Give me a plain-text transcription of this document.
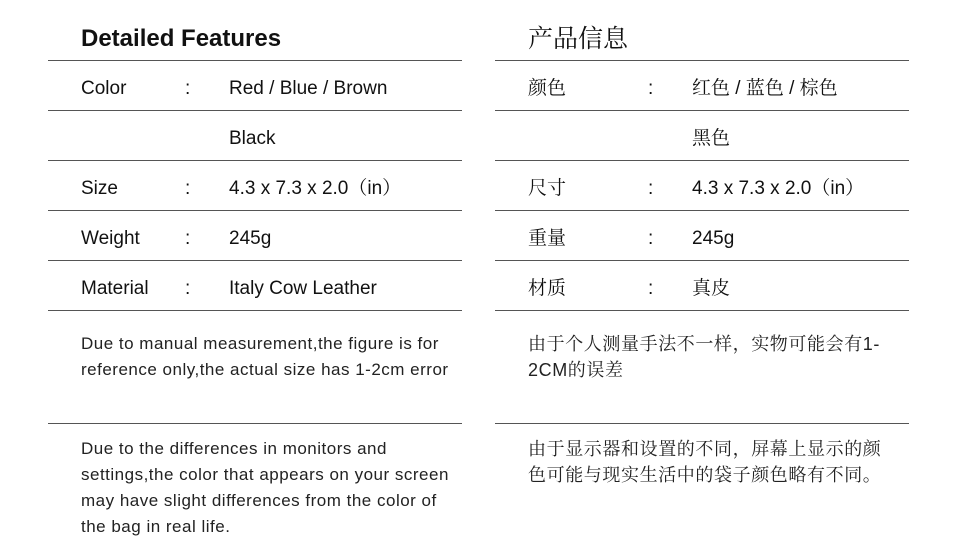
Detailed Features
Color	: Red / Blue / Brown
Black
Size	: 4.3 x 7.3 x 2.0（in）
Weight : 245g
Material : Italy Cow Leather
Due to manual measurement,the figure is for reference only,the actual size has 1-2cm error
Due to the differences in monitors and settings,the color that appears on your screen may have slight differences from the color of the bag in real life.
产品信息
颜色	: 红色 / 蓝色 / 棕色
黑色
尺寸	: 4.3 x 7.3 x 2.0（in）
重量	: 245g
材质	: 真皮
由于个人测量手法不一样，实物可能会有1-2CM的误差
由于显示器和设置的不同，屏幕上显示的颜色可能与现实生活中的袋子颜色略有不同。
